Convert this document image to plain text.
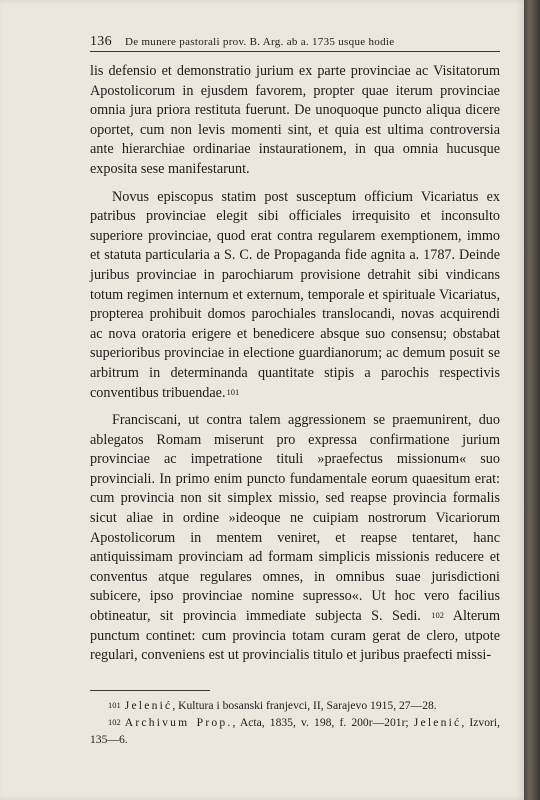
136 De munere pastorali prov. B. Arg. ab a. 1735 usque hodie

lis defensio et demonstratio jurium ex parte provinciae ac Visitatorum Apostolicorum in ejusdem favorem, propter quae iterum provinciae omnia jura priora restituta fuerunt. De unoquoque puncto aliqua dicere oportet, cum non levis momenti sint, et quia est ultima controversia ante hierarchiae ordinariae instaurationem, in qua omnia hucusque exposita sese manifestarunt.

Novus episcopus statim post susceptum officium Vicariatus ex patribus provinciae elegit sibi officiales irrequisito et inconsulto superiore provinciae, quod erat contra regularem exemptionem, immo et statuta particularia a S. C. de Propaganda fide agnita a. 1787. Deinde juribus provinciae in parochiarum provisione detrahit sibi vindicans totum regimen internum et externum, temporale et spirituale Vicariatus, propterea prohibuit domos parochiales translocandi, novas acquirendi ac nova oratoria erigere et benedicere absque suo consensu; obstabat superioribus provinciae in electione guardianorum; ac demum posuit se arbitrum in determinanda quantitate stipis a parochis respectivis conventibus tribuendae.$^{101}$

Franciscani, ut contra talem aggressionem se praemunirent, duo ablegatos Romam miserunt pro expressa confirmatione jurium provinciae ac impetratione tituli »praefectus missionum« suo provinciali. In primo enim puncto fundamentale eorum quaesitum erat: cum provincia non sit simplex missio, sed reapse provincia formalis sicut aliae in ordine »ideoque ne cuipiam nostrorum Vicariorum Apostolicorum in mentem veniret, et reapse tentaret, hanc antiquissimam provinciam ad formam simplicis missionis reducere et conventus atque regulares omnes, in omnibus suae jurisdictioni subicere, ipso provinciae nomine supresso«. Ut hoc vero facilius obtineatur, sit provincia immediate subjecta S. Sedi. $^{102}$ Alterum punctum continet: cum provincia totam curam gerat de clero, utpote regulari, conveniens est ut provincialis titulo et juribus praefecti missi-

$^{101}$ Jelenić, Kultura i bosanski franjevci, II, Sarajevo 1915, 27—28.

$^{102}$ Archivum Prop., Acta, 1835, v. 198, f. 200r—201r; Jelenić, Izvori, 135—6.
